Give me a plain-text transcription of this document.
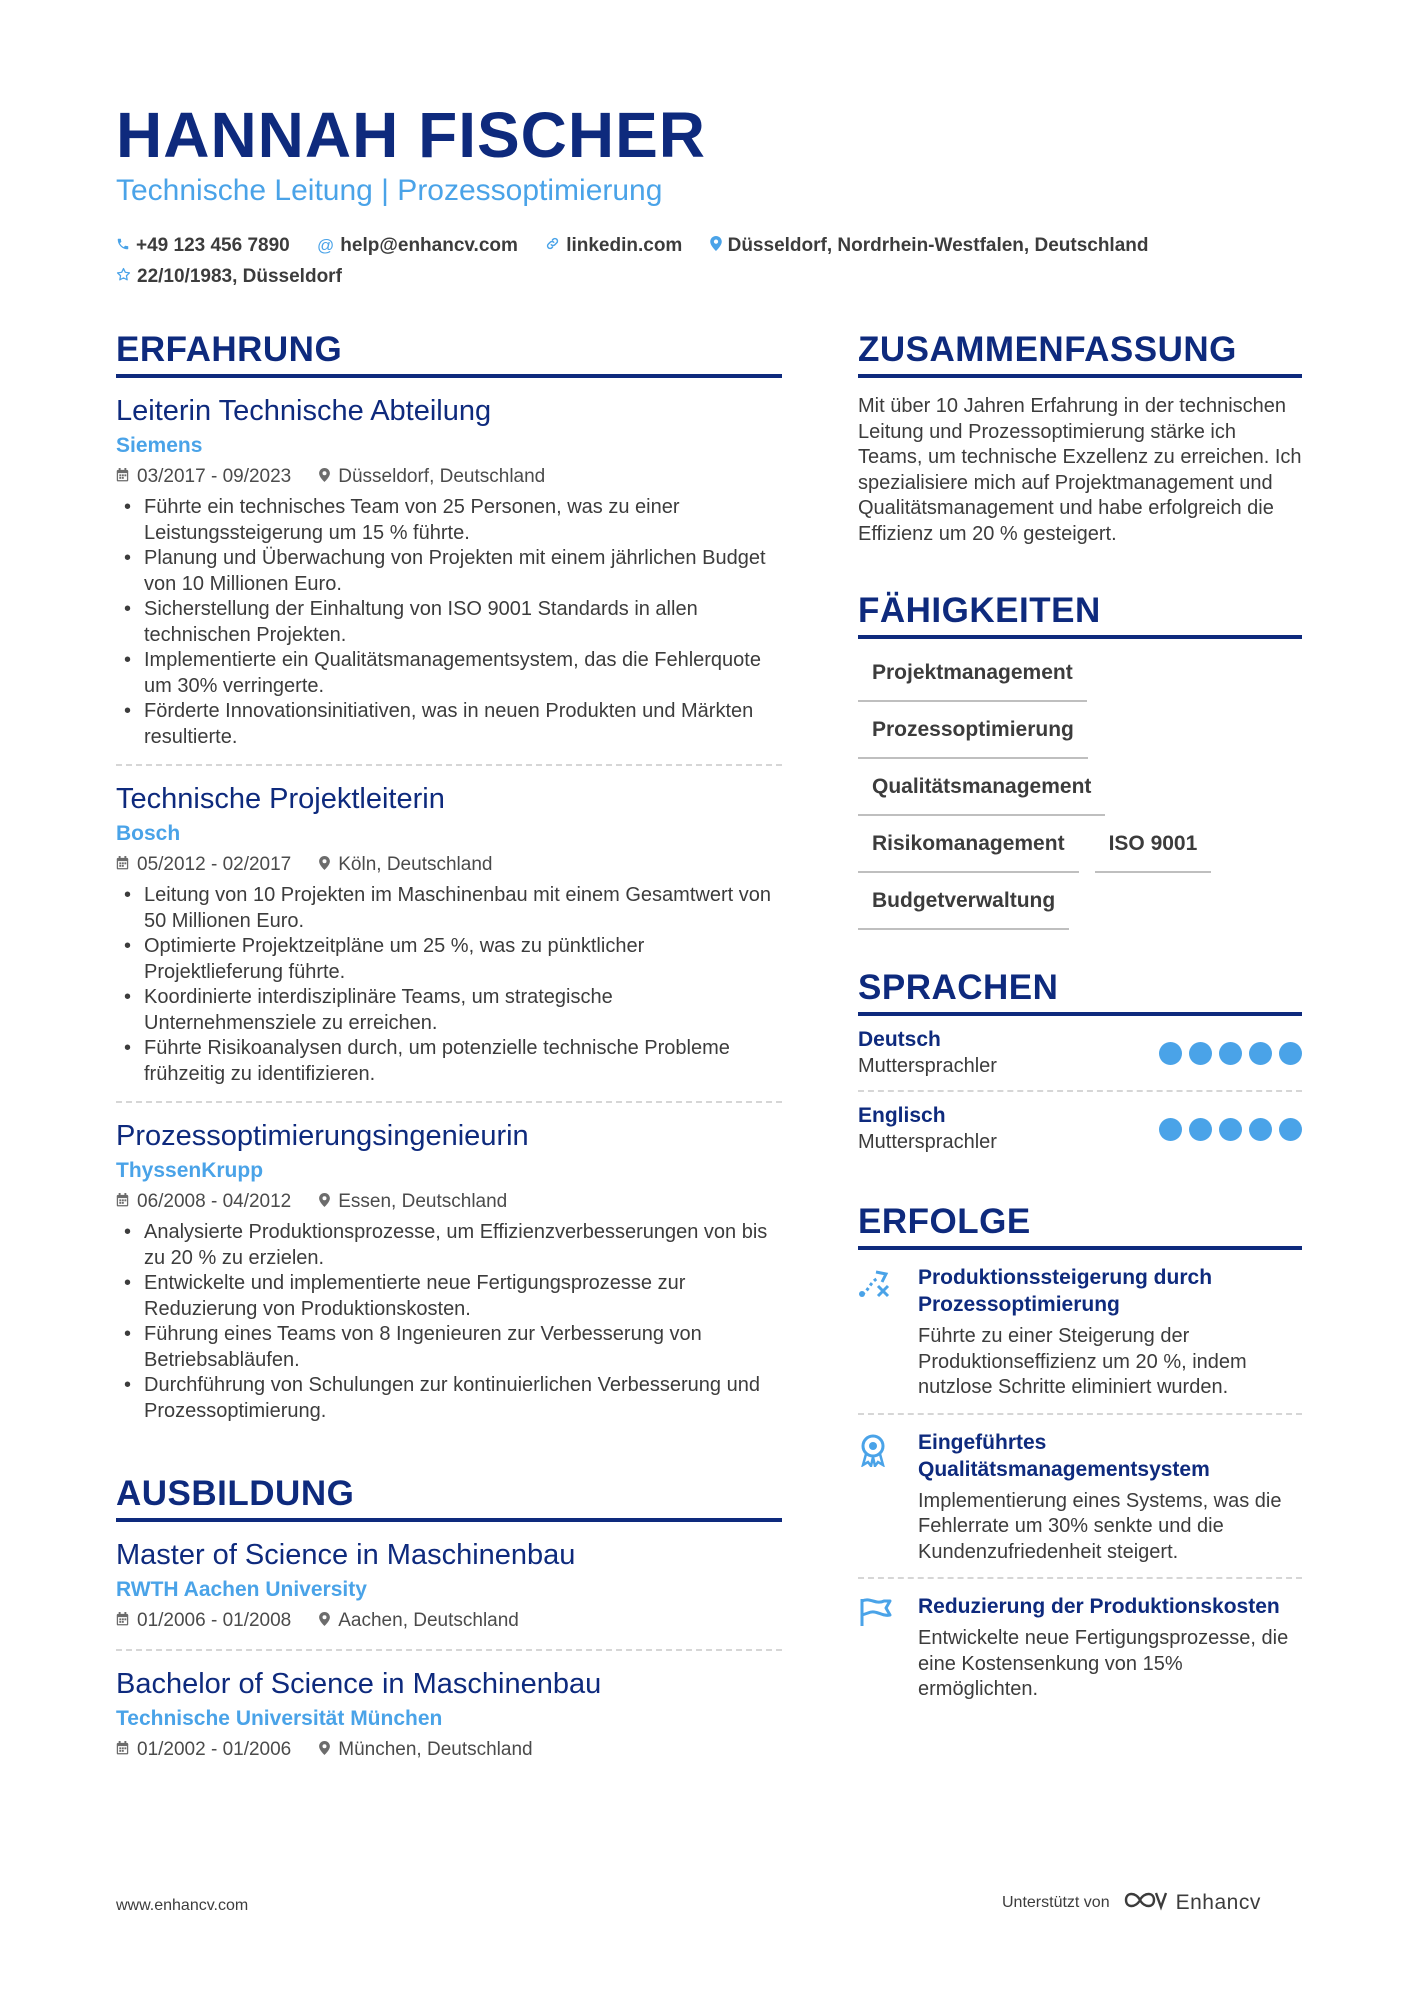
HANNAH FISCHER
Technische Leitung | Prozessoptimierung
+49 123 456 7890 @ help@enhancv.com	linkedin.com Düsseldorf, Nordrhein-Westfalen, Deutschland
22/10/1983, Düsseldorf
ERFAHRUNG
Leiterin Technische Abteilung
Siemens
03/2017 - 09/2023 Düsseldorf, Deutschland
• Führte ein technisches Team von 25 Personen, was zu einer Leistungssteigerung um 15 % führte.
• Planung und Überwachung von Projekten mit einem jährlichen Budget von 10 Millionen Euro.
• Sicherstellung der Einhaltung von ISO 9001 Standards in allen technischen Projekten.
• Implementierte ein Qualitätsmanagementsystem, das die Fehlerquote um 30% verringerte.
• Förderte Innovationsinitiativen, was in neuen Produkten und Märkten resultierte.
Technische Projektleiterin
Bosch
05/2012 - 02/2017 Köln, Deutschland
• Leitung von 10 Projekten im Maschinenbau mit einem Gesamtwert von 50 Millionen Euro.
• Optimierte Projektzeitpläne um 25 %, was zu pünktlicher Projektlieferung führte.
• Koordinierte interdisziplinäre Teams, um strategische Unternehmensziele zu erreichen.
• Führte Risikoanalysen durch, um potenzielle technische Probleme frühzeitig zu identifizieren.
Prozessoptimierungsingenieurin
ThyssenKrupp
06/2008 - 04/2012 Essen, Deutschland
• Analysierte Produktionsprozesse, um Effizienzverbesserungen von bis zu 20 % zu erzielen.
• Entwickelte und implementierte neue Fertigungsprozesse zur Reduzierung von Produktionskosten.
• Führung eines Teams von 8 Ingenieuren zur Verbesserung von Betriebsabläufen.
• Durchführung von Schulungen zur kontinuierlichen Verbesserung und Prozessoptimierung.
AUSBILDUNG
Master of Science in Maschinenbau
RWTH Aachen University
01/2006 - 01/2008 Aachen, Deutschland
Bachelor of Science in Maschinenbau
Technische Universität München
01/2002 - 01/2006 München, Deutschland
ZUSAMMENFASSUNG
Mit über 10 Jahren Erfahrung in der technischen Leitung und Prozessoptimierung stärke ich Teams, um technische Exzellenz zu erreichen. Ich spezialisiere mich auf Projektmanagement und Qualitätsmanagement und habe erfolgreich die Effizienz um 20 % gesteigert.
FÄHIGKEITEN
Projektmanagement
Prozessoptimierung
Qualitätsmanagement
Risikomanagement	ISO 9001
Budgetverwaltung
SPRACHEN
Deutsch
Muttersprachler
Englisch
Muttersprachler
ERFOLGE
Produktionssteigerung durch Prozessoptimierung
Führte zu einer Steigerung der Produktionseffizienz um 20 %, indem nutzlose Schritte eliminiert wurden.
Eingeführtes Qualitätsmanagementsystem
Implementierung eines Systems, was die Fehlerrate um 30% senkte und die Kundenzufriedenheit steigert.
Reduzierung der Produktionskosten
Entwickelte neue Fertigungsprozesse, die eine Kostensenkung von 15% ermöglichten.
www.enhancv.com	Unterstützt von	Enhancv
